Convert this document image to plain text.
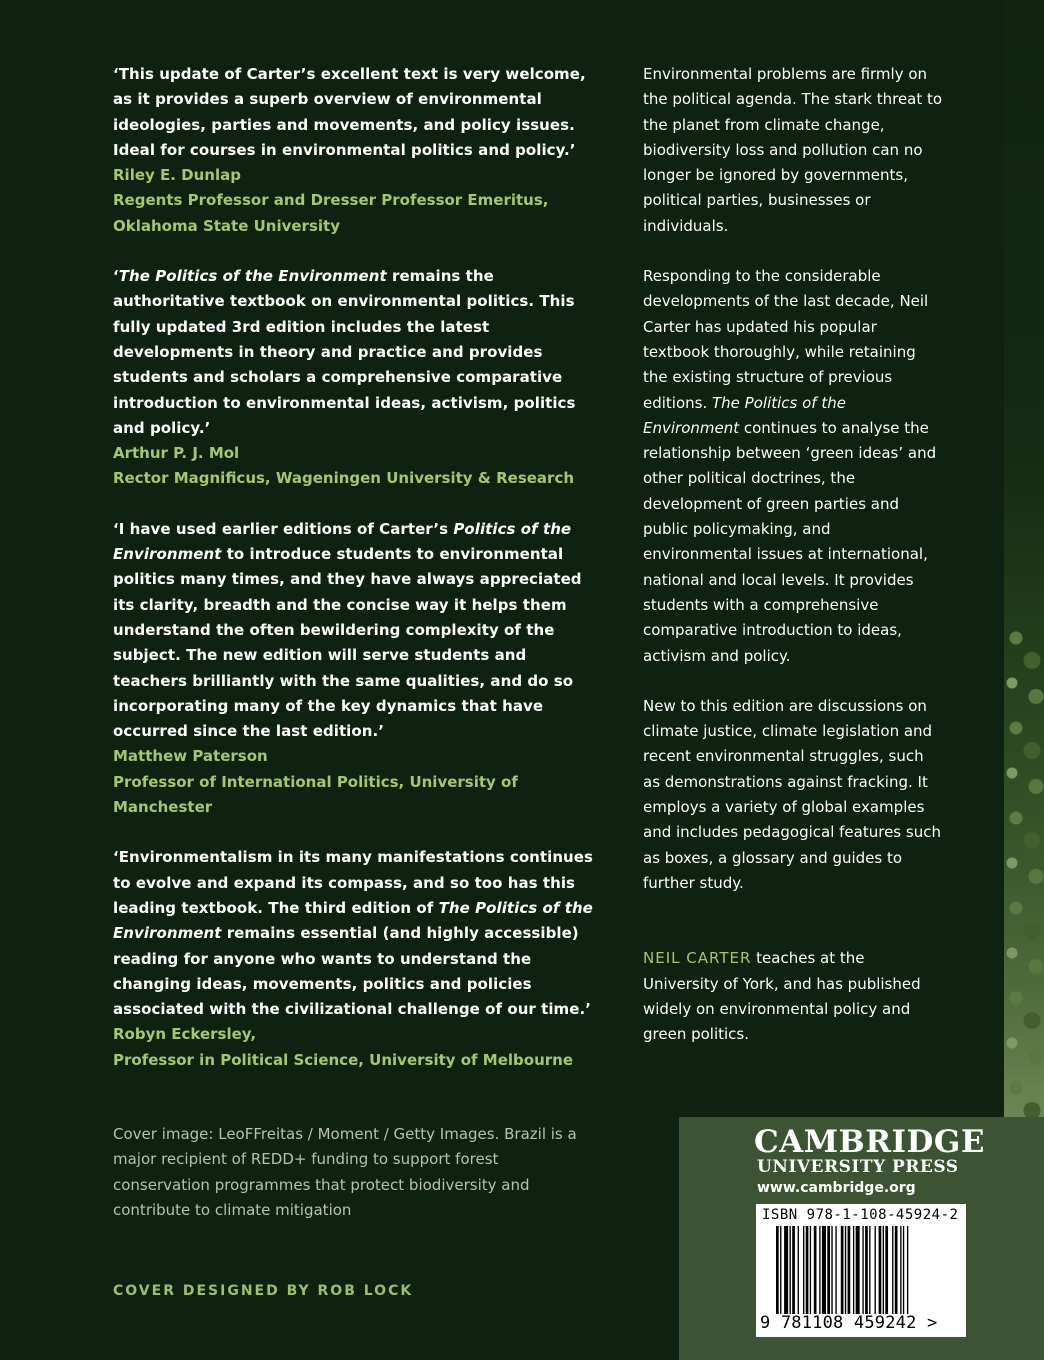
‘This update of Carter’s excellent text is very welcome, as it provides a superb overview of environmental ideologies, parties and movements, and policy issues. Ideal for courses in environmental politics and policy.’
Riley E. Dunlap
Regents Professor and Dresser Professor Emeritus,
Oklahoma State University
‘The Politics of the Environment remains the authoritative textbook on environmental politics. This fully updated 3rd edition includes the latest developments in theory and practice and provides students and scholars a comprehensive comparative introduction to environmental ideas, activism, politics and policy.’
Arthur P. J. Mol
Rector Magnificus, Wageningen University & Research
‘I have used earlier editions of Carter’s Politics of the Environment to introduce students to environmental politics many times, and they have always appreciated its clarity, breadth and the concise way it helps them understand the often bewildering complexity of the subject. The new edition will serve students and teachers brilliantly with the same qualities, and do so incorporating many of the key dynamics that have occurred since the last edition.’
Matthew Paterson
Professor of International Politics, University of Manchester
‘Environmentalism in its many manifestations continues to evolve and expand its compass, and so too has this leading textbook. The third edition of The Politics of the Environment remains essential (and highly accessible) reading for anyone who wants to understand the changing ideas, movements, politics and policies associated with the civilizational challenge of our time.’
Robyn Eckersley,
Professor in Political Science, University of Melbourne

Environmental problems are firmly on the political agenda. The stark threat to the planet from climate change, biodiversity loss and pollution can no longer be ignored by governments, political parties, businesses or individuals.

Responding to the considerable developments of the last decade, Neil Carter has updated his popular textbook thoroughly, while retaining the existing structure of previous editions. The Politics of the Environment continues to analyse the relationship between ‘green ideas’ and other political doctrines, the development of green parties and public policymaking, and environmental issues at international, national and local levels. It provides students with a comprehensive comparative introduction to ideas, activism and policy.

New to this edition are discussions on climate justice, climate legislation and recent environmental struggles, such as demonstrations against fracking. It employs a variety of global examples and includes pedagogical features such as boxes, a glossary and guides to further study.

NEIL CARTER teaches at the University of York, and has published widely on environmental policy and green politics.

Cover image: LeoFFreitas / Moment / Getty Images. Brazil is a major recipient of REDD+ funding to support forest conservation programmes that protect biodiversity and contribute to climate mitigation
COVER DESIGNED BY ROB LOCK
CAMBRIDGE
UNIVERSITY PRESS
www.cambridge.org
ISBN 978-1-108-45924-2
9 781108 459242 >
